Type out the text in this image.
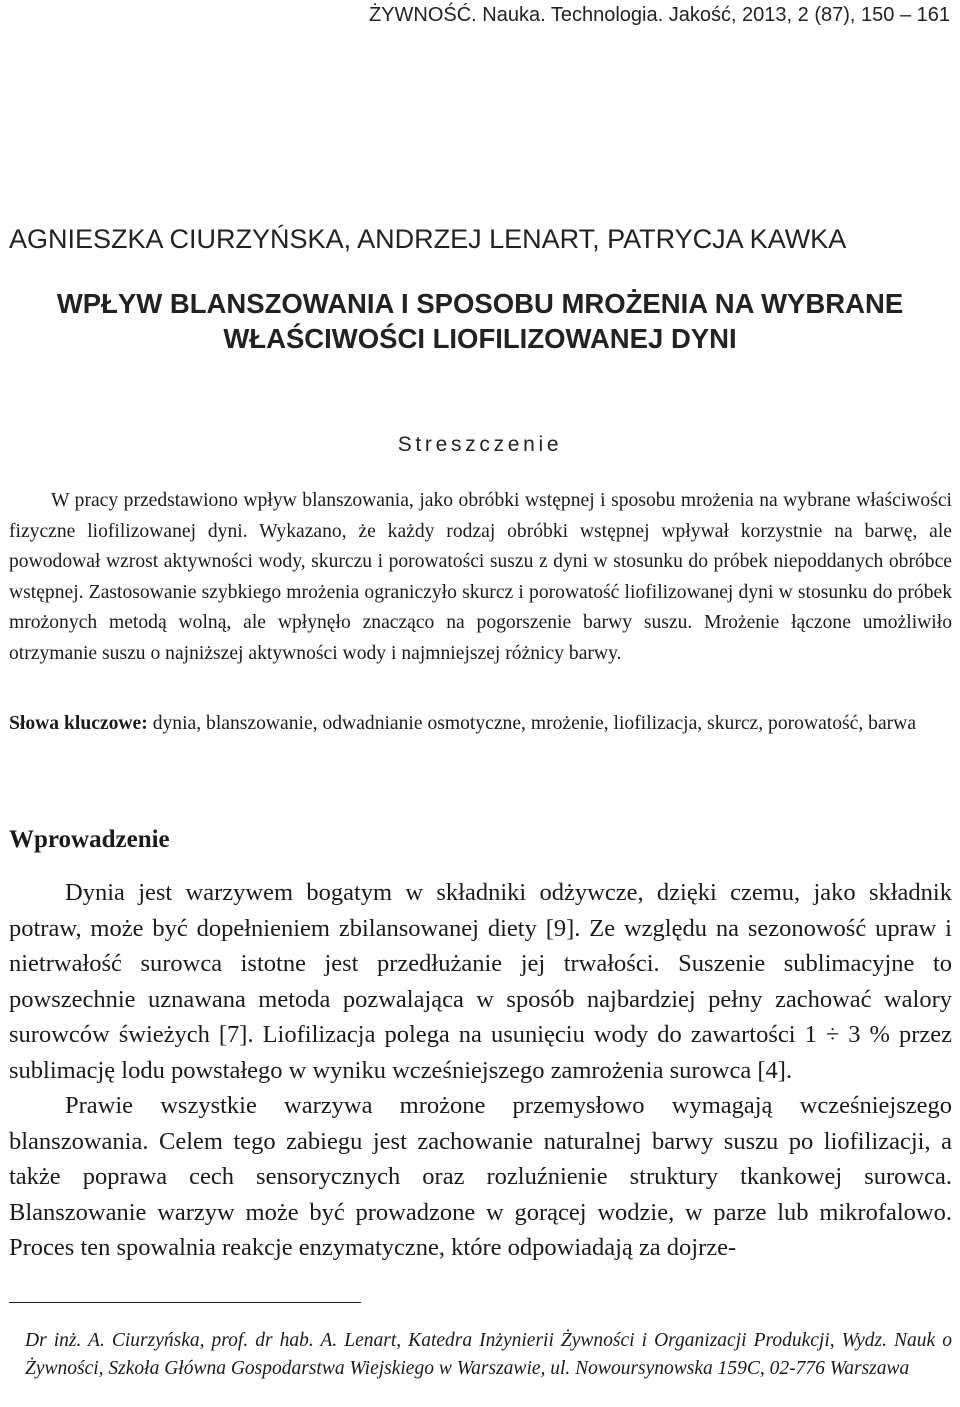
ŻYWNOŚĆ. Nauka. Technologia. Jakość, 2013, 2 (87), 150 – 161
AGNIESZKA CIURZYŃSKA, ANDRZEJ LENART, PATRYCJA KAWKA
WPŁYW BLANSZOWANIA I SPOSOBU MROŻENIA NA WYBRANE
WŁAŚCIWOŚCI LIOFILIZOWANEJ DYNI
Streszczenie

W pracy przedstawiono wpływ blanszowania, jako obróbki wstępnej i sposobu mrożenia na wybrane właściwości fizyczne liofilizowanej dyni. Wykazano, że każdy rodzaj obróbki wstępnej wpływał korzystnie na barwę, ale powodował wzrost aktywności wody, skurczu i porowatości suszu z dyni w stosunku do próbek niepoddanych obróbce wstępnej. Zastosowanie szybkiego mrożenia ograniczyło skurcz i porowatość liofilizowanej dyni w stosunku do próbek mrożonych metodą wolną, ale wpłynęło znacząco na pogorszenie barwy suszu. Mrożenie łączone umożliwiło otrzymanie suszu o najniższej aktywności wody i najmniejszej różnicy barwy.

Słowa kluczowe: dynia, blanszowanie, odwadnianie osmotyczne, mrożenie, liofilizacja, skurcz, porowatość, barwa

Wprowadzenie

Dynia jest warzywem bogatym w składniki odżywcze, dzięki czemu, jako składnik potraw, może być dopełnieniem zbilansowanej diety [9]. Ze względu na sezonowość upraw i nietrwałość surowca istotne jest przedłużanie jej trwałości. Suszenie sublimacyjne to powszechnie uznawana metoda pozwalająca w sposób najbardziej pełny zachować walory surowców świeżych [7]. Liofilizacja polega na usunięciu wody do zawartości 1 ÷ 3 % przez sublimację lodu powstałego w wyniku wcześniejszego zamrożenia surowca [4].

Prawie wszystkie warzywa mrożone przemysłowo wymagają wcześniejszego blanszowania. Celem tego zabiegu jest zachowanie naturalnej barwy suszu po liofilizacji, a także poprawa cech sensorycznych oraz rozluźnienie struktury tkankowej surowca. Blanszowanie warzyw może być prowadzone w gorącej wodzie, w parze lub mikrofalowo. Proces ten spowalnia reakcje enzymatyczne, które odpowiadają za dojrze-

Dr inż. A. Ciurzyńska, prof. dr hab. A. Lenart, Katedra Inżynierii Żywności i Organizacji Produkcji, Wydz. Nauk o Żywności, Szkoła Główna Gospodarstwa Wiejskiego w Warszawie, ul. Nowoursynowska 159C, 02-776 Warszawa
